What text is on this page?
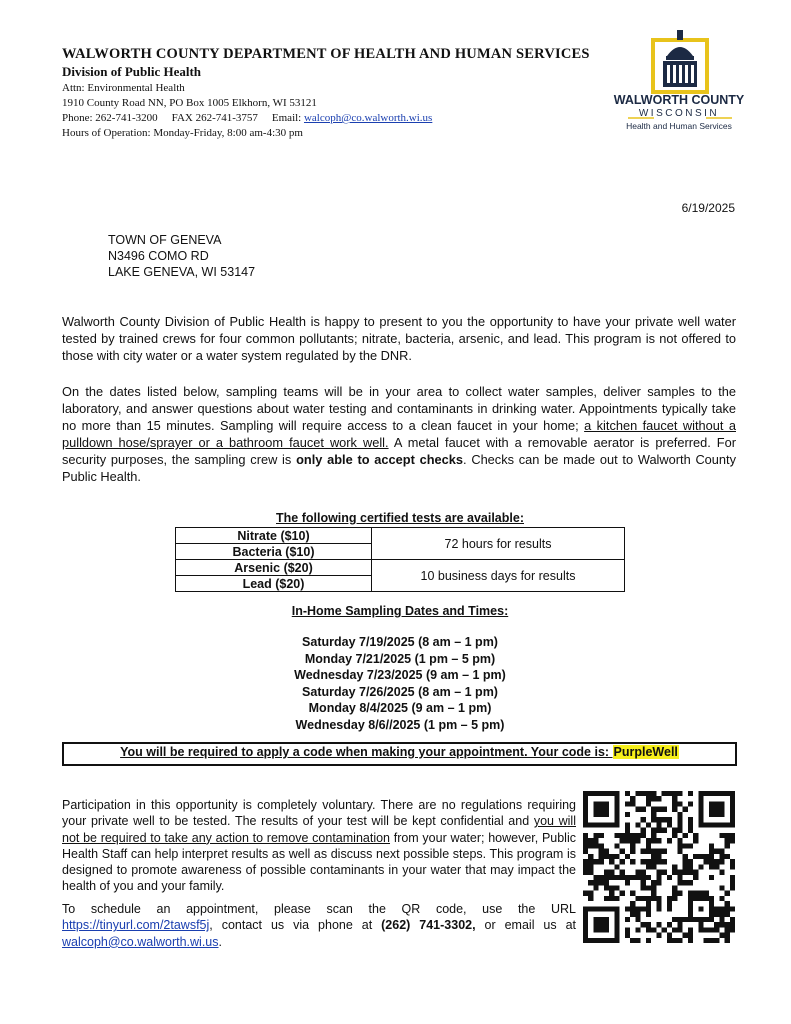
WALWORTH COUNTY DEPARTMENT OF HEALTH AND HUMAN SERVICES
Division of Public Health
Attn: Environmental Health
1910 County Road NN, PO Box 1005 Elkhorn, WI 53121
Phone: 262-741-3200 FAX 262-741-3757 Email: walcoph@co.walworth.wi.us
Hours of Operation: Monday-Friday, 8:00 am-4:30 pm
WALWORTH COUNTY
WISCONSIN
Health and Human Services
6/19/2025
TOWN OF GENEVA
N3496 COMO RD
LAKE GENEVA, WI 53147
Walworth County Division of Public Health is happy to present to you the opportunity to have your private well water tested by trained crews for four common pollutants; nitrate, bacteria, arsenic, and lead. This program is not offered to those with city water or a water system regulated by the DNR.
On the dates listed below, sampling teams will be in your area to collect water samples, deliver samples to the laboratory, and answer questions about water testing and contaminants in drinking water. Appointments typically take no more than 15 minutes. Sampling will require access to a clean faucet in your home; a kitchen faucet without a pulldown hose/sprayer or a bathroom faucet work well. A metal faucet with a removable aerator is preferred. For security purposes, the sampling crew is only able to accept checks. Checks can be made out to Walworth County Public Health.
The following certified tests are available:
Nitrate ($10)	72 hours for results
Bacteria ($10)	
Arsenic ($20)	10 business days for results
Lead ($20)	
In-Home Sampling Dates and Times:
Saturday 7/19/2025 (8 am – 1 pm)
Monday 7/21/2025 (1 pm – 5 pm)
Wednesday 7/23/2025 (9 am – 1 pm)
Saturday 7/26/2025 (8 am – 1 pm)
Monday 8/4/2025 (9 am – 1 pm)
Wednesday 8/6//2025 (1 pm – 5 pm)
You will be required to apply a code when making your appointment. Your code is: PurpleWell
Participation in this opportunity is completely voluntary. There are no regulations requiring your private well to be tested. The results of your test will be kept confidential and you will not be required to take any action to remove contamination from your water; however, Public Health Staff can help interpret results as well as discuss next possible steps. This program is designed to promote awareness of possible contaminants in your water that may impact the health of you and your family.
To schedule an appointment, please scan the QR code, use the URL https://tinyurl.com/2tawsf5j, contact us via phone at (262) 741-3302, or email us at walcoph@co.walworth.wi.us.
